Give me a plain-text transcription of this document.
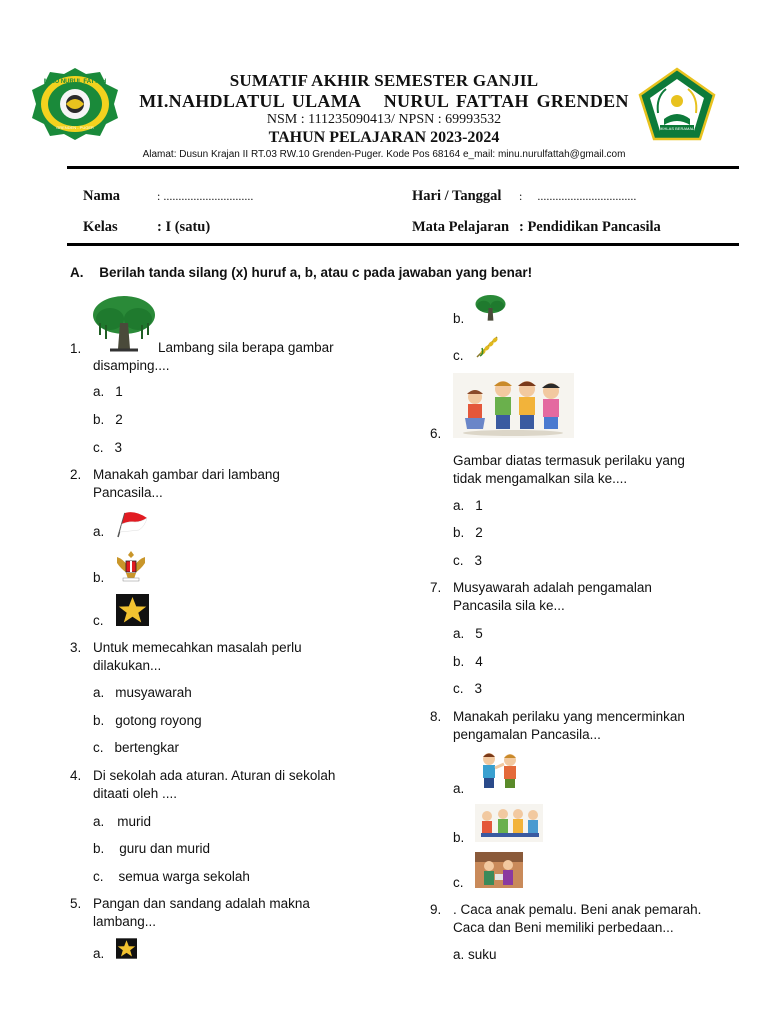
MINU NURUL FATTAH
GRENDEN - PUGER	IKHLAS BERAMAL
SUMATIF AKHIR SEMESTER GANJIL
MI.NAHDLATUL ULAMA   NURUL FATTAH GRENDEN
NSM : 111235090413/ NPSN : 69993532
TAHUN PELAJARAN 2023-2024
Alamat: Dusun Krajan II RT.03 RW.10 Grenden-Puger. Kode Pos 68164 e_mail: minu.nurulfattah@gmail.com
Nama	: ..............................	Hari / Tanggal :     .................................
Kelas	: I (satu)	Mata Pelajaran : Pendidikan Pancasila
A. Berilah tanda silang (x) huruf a, b, atau c pada jawaban yang benar!
1.	Lambang sila berapa gambar
disamping....
a. 1
b. 2
c. 3
2. Manakah gambar dari lambang
Pancasila...
a.
b.
c.
3. Untuk memecahkan masalah perlu
dilakukan...
a. musyawarah
b. gotong royong
c. bertengkar
4. Di sekolah ada aturan. Aturan di sekolah
ditaati oleh ....
a. murid
b. guru dan murid
c. semua warga sekolah
5. Pangan dan sandang adalah makna
lambang...
a.
b.
c.
6.
Gambar diatas termasuk perilaku yang
tidak mengamalkan sila ke....
a. 1
b. 2
c. 3
7. Musyawarah adalah pengamalan
Pancasila sila ke...
a. 5
b. 4
c. 3
8. Manakah perilaku yang mencerminkan
pengamalan Pancasila...
a.
b.
c.
9. . Caca anak pemalu. Beni anak pemarah.
Caca dan Beni memiliki perbedaan...
a. suku
